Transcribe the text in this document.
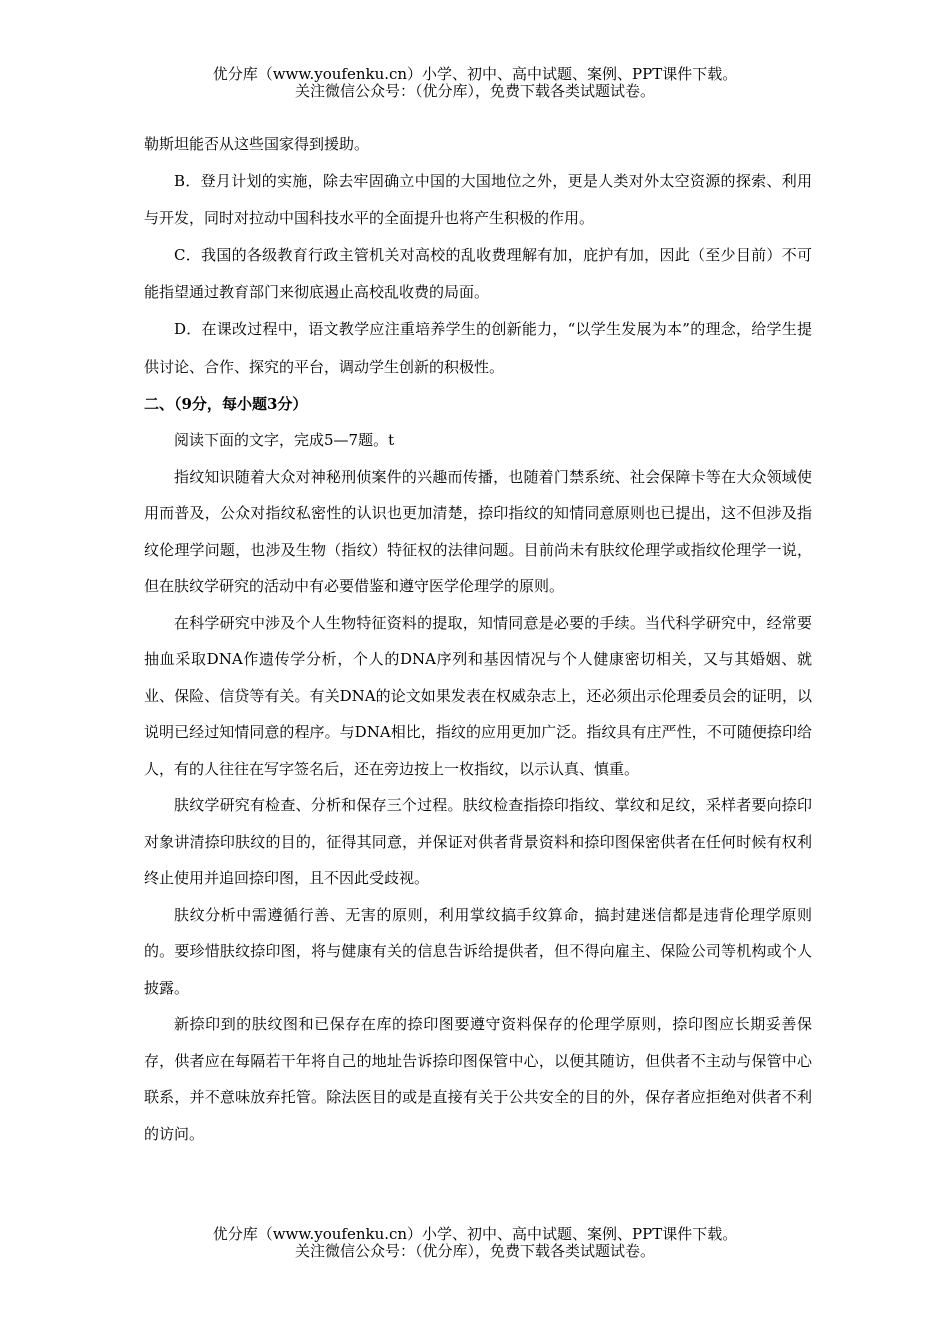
优分库（www.youfenku.cn）小学、初中、高中试题、案例、PPT课件下载。
关注微信公众号：（优分库），免费下载各类试题试卷。

勒斯坦能否从这些国家得到援助。

B．登月计划的实施，除去牢固确立中国的大国地位之外，更是人类对外太空资源的探索、利用与开发，同时对拉动中国科技水平的全面提升也将产生积极的作用。

C．我国的各级教育行政主管机关对高校的乱收费理解有加，庇护有加，因此（至少目前）不可能指望通过教育部门来彻底遏止高校乱收费的局面。

D．在课改过程中，语文教学应注重培养学生的创新能力，“以学生发展为本”的理念，给学生提供讨论、合作、探究的平台，调动学生创新的积极性。

二、（9分，每小题3分）

阅读下面的文字，完成5—7题。t

指纹知识随着大众对神秘刑侦案件的兴趣而传播，也随着门禁系统、社会保障卡等在大众领域使用而普及，公众对指纹私密性的认识也更加清楚，捺印指纹的知情同意原则也已提出，这不但涉及指纹伦理学问题，也涉及生物（指纹）特征权的法律问题。目前尚未有肤纹伦理学或指纹伦理学一说，但在肤纹学研究的活动中有必要借鉴和遵守医学伦理学的原则。

在科学研究中涉及个人生物特征资料的提取，知情同意是必要的手续。当代科学研究中，经常要抽血采取DNA作遗传学分析，个人的DNA序列和基因情况与个人健康密切相关，又与其婚姻、就业、保险、信贷等有关。有关DNA的论文如果发表在权威杂志上，还必须出示伦理委员会的证明，以说明已经过知情同意的程序。与DNA相比，指纹的应用更加广泛。指纹具有庄严性，不可随便捺印给人，有的人往往在写字签名后，还在旁边按上一枚指纹，以示认真、慎重。

肤纹学研究有检查、分析和保存三个过程。肤纹检查指捺印指纹、掌纹和足纹，采样者要向捺印对象讲清捺印肤纹的目的，征得其同意，并保证对供者背景资料和捺印图保密供者在任何时候有权利终止使用并追回捺印图，且不因此受歧视。

肤纹分析中需遵循行善、无害的原则，利用掌纹搞手纹算命，搞封建迷信都是违背伦理学原则的。要珍惜肤纹捺印图，将与健康有关的信息告诉给提供者，但不得向雇主、保险公司等机构或个人披露。

新捺印到的肤纹图和已保存在库的捺印图要遵守资料保存的伦理学原则，捺印图应长期妥善保存，供者应在每隔若干年将自己的地址告诉捺印图保管中心，以便其随访，但供者不主动与保管中心联系，并不意味放弃托管。除法医目的或是直接有关于公共安全的目的外，保存者应拒绝对供者不利的访问。

优分库（www.youfenku.cn）小学、初中、高中试题、案例、PPT课件下载。
关注微信公众号：（优分库），免费下载各类试题试卷。
